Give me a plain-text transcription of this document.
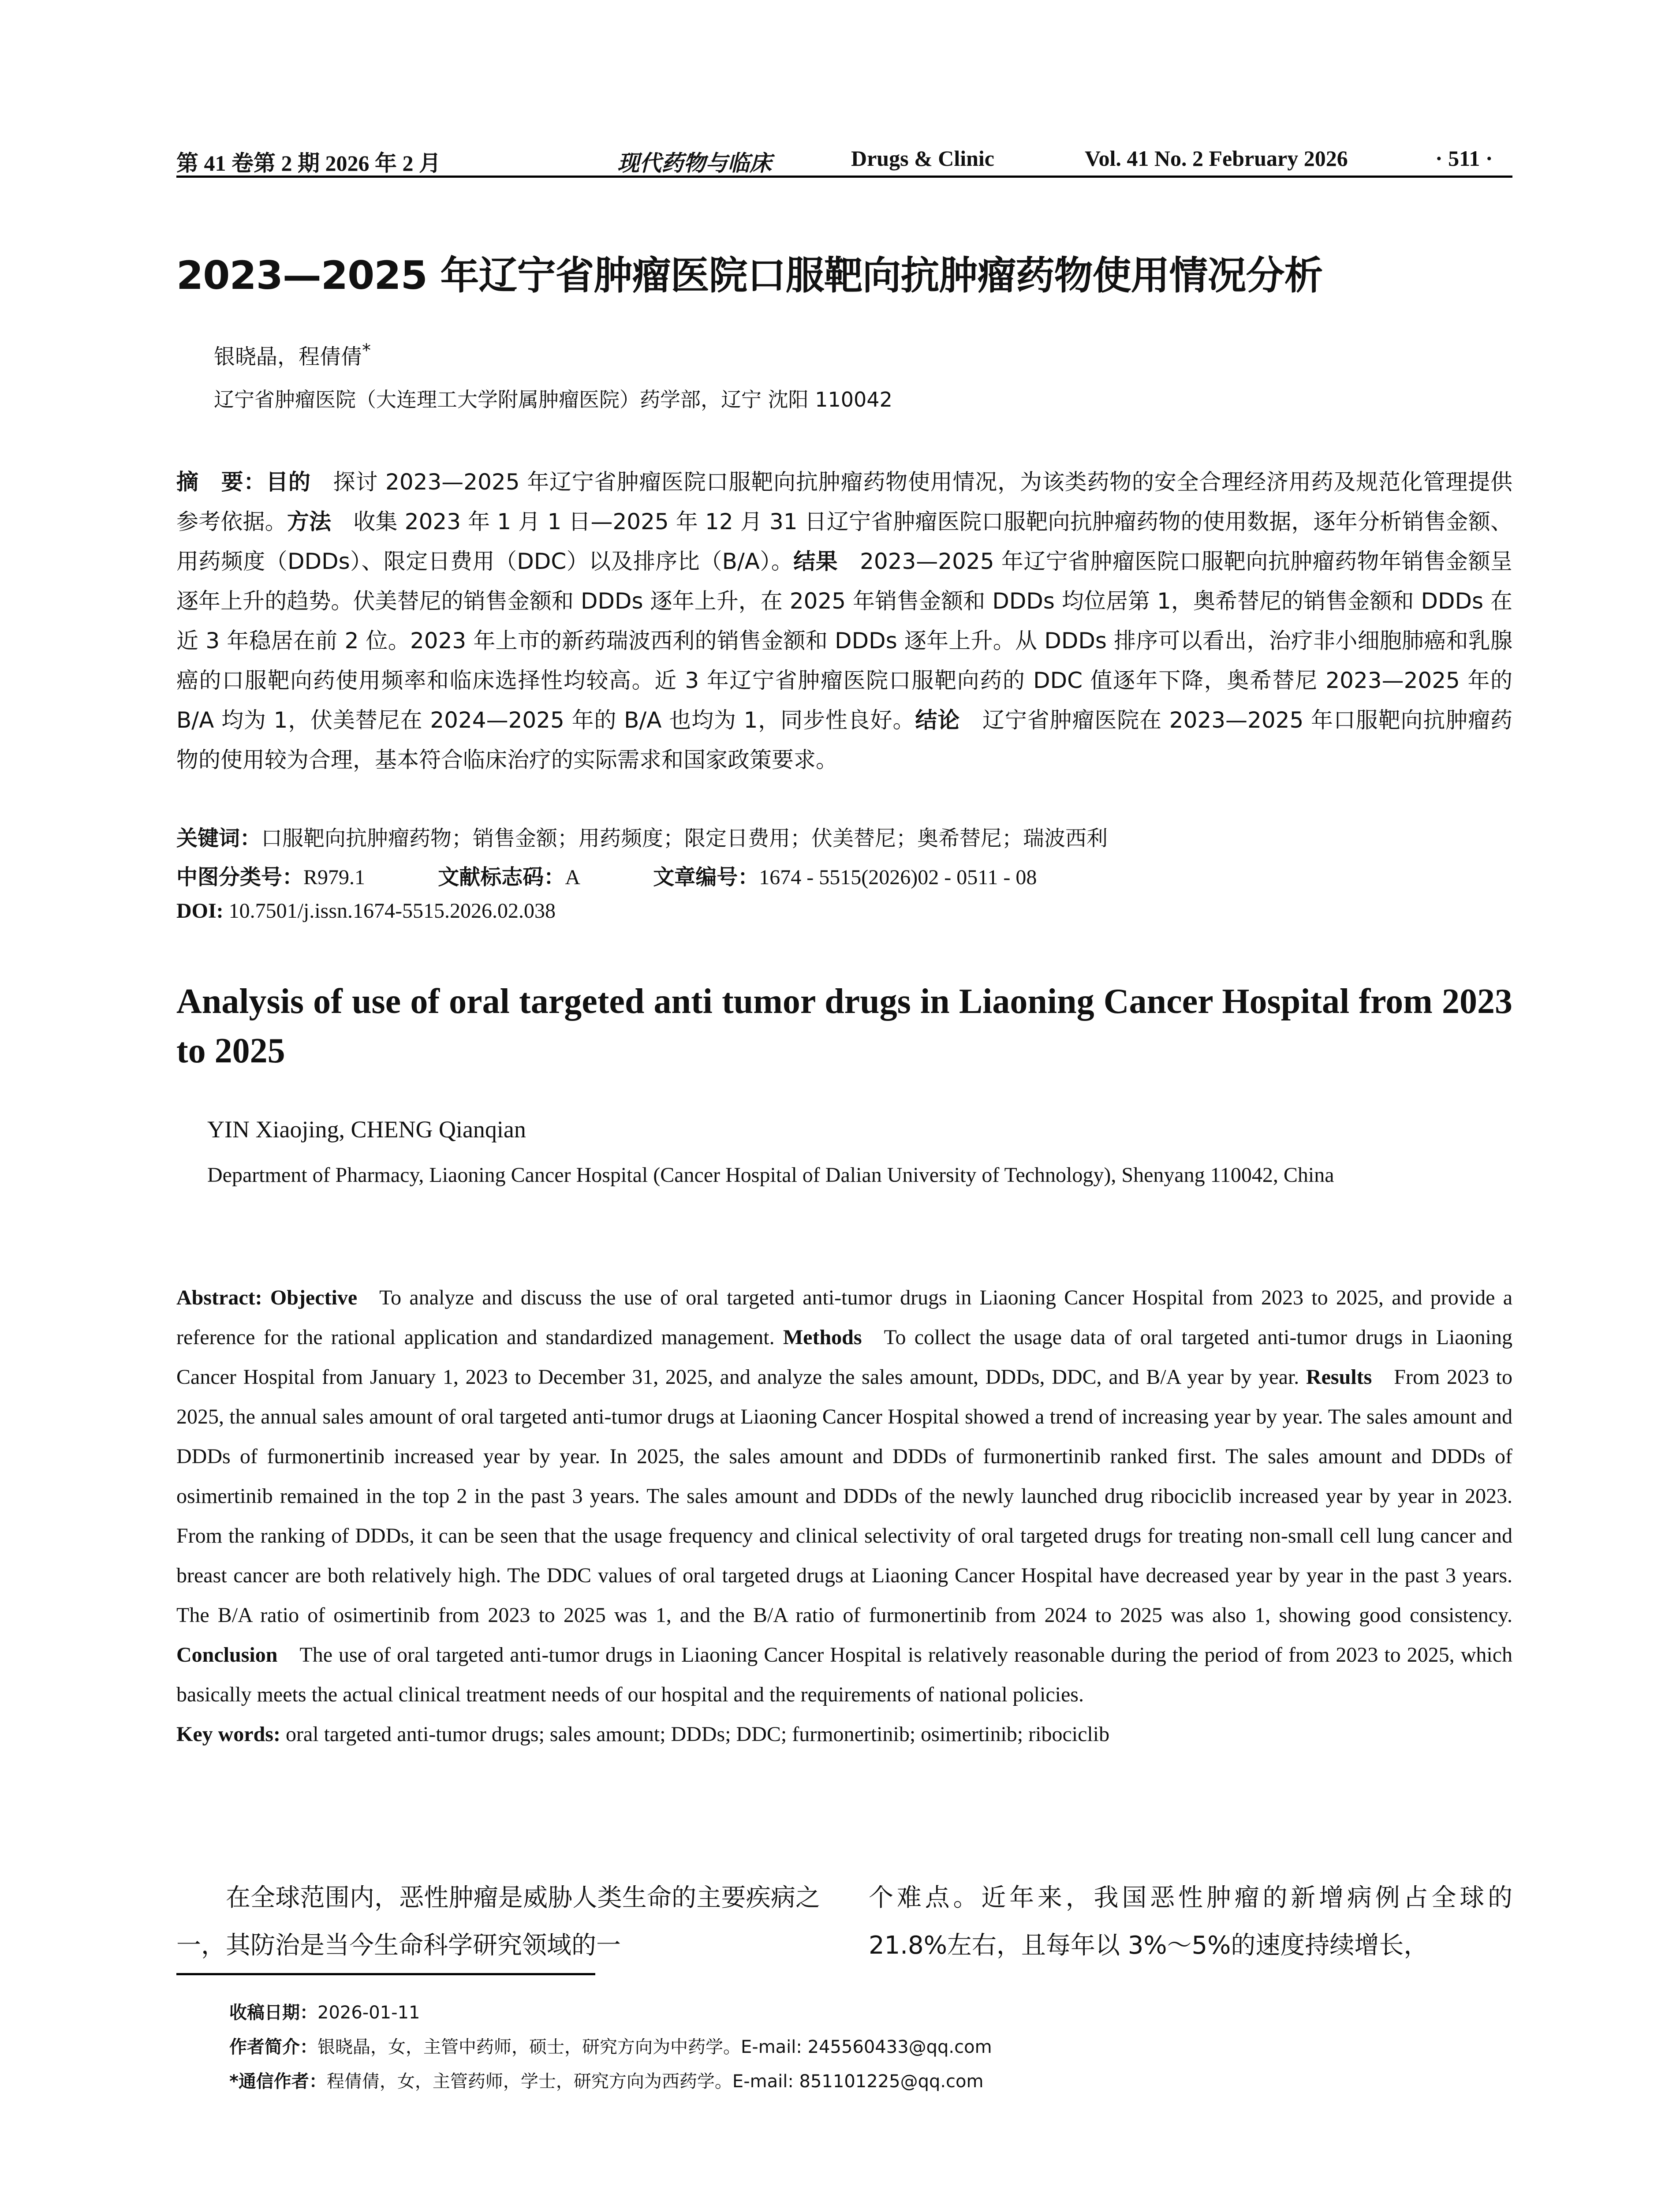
第 41 卷第 2 期 2026 年 2 月	现代药物与临床	Drugs & Clinic	Vol. 41 No. 2 February 2026	· 511 ·
2023—2025 年辽宁省肿瘤医院口服靶向抗肿瘤药物使用情况分析
银晓晶，程倩倩*
辽宁省肿瘤医院（大连理工大学附属肿瘤医院）药学部，辽宁 沈阳 110042
摘　要：目的 探讨 2023—2025 年辽宁省肿瘤医院口服靶向抗肿瘤药物使用情况，为该类药物的安全合理经济用药及规范化管理提供参考依据。方法 收集 2023 年 1 月 1 日—2025 年 12 月 31 日辽宁省肿瘤医院口服靶向抗肿瘤药物的使用数据，逐年分析销售金额、用药频度（DDDs）、限定日费用（DDC）以及排序比（B/A）。结果 2023—2025 年辽宁省肿瘤医院口服靶向抗肿瘤药物年销售金额呈逐年上升的趋势。伏美替尼的销售金额和 DDDs 逐年上升，在 2025 年销售金额和 DDDs 均位居第 1，奥希替尼的销售金额和 DDDs 在近 3 年稳居在前 2 位。2023 年上市的新药瑞波西利的销售金额和 DDDs 逐年上升。从 DDDs 排序可以看出，治疗非小细胞肺癌和乳腺癌的口服靶向药使用频率和临床选择性均较高。近 3 年辽宁省肿瘤医院口服靶向药的 DDC 值逐年下降，奥希替尼 2023—2025 年的 B/A 均为 1，伏美替尼在 2024—2025 年的 B/A 也均为 1，同步性良好。结论 辽宁省肿瘤医院在 2023—2025 年口服靶向抗肿瘤药物的使用较为合理，基本符合临床治疗的实际需求和国家政策要求。
关键词：口服靶向抗肿瘤药物；销售金额；用药频度；限定日费用；伏美替尼；奥希替尼；瑞波西利
中图分类号：R979.1	文献标志码：A	文章编号：1674 - 5515(2026)02 - 0511 - 08
DOI: 10.7501/j.issn.1674-5515.2026.02.038
Analysis of use of oral targeted anti tumor drugs in Liaoning Cancer Hospital from 2023 to 2025
YIN Xiaojing, CHENG Qianqian
Department of Pharmacy, Liaoning Cancer Hospital (Cancer Hospital of Dalian University of Technology), Shenyang 110042, China
Abstract: Objective To analyze and discuss the use of oral targeted anti-tumor drugs in Liaoning Cancer Hospital from 2023 to 2025, and provide a reference for the rational application and standardized management. Methods To collect the usage data of oral targeted anti-tumor drugs in Liaoning Cancer Hospital from January 1, 2023 to December 31, 2025, and analyze the sales amount, DDDs, DDC, and B/A year by year. Results From 2023 to 2025, the annual sales amount of oral targeted anti-tumor drugs at Liaoning Cancer Hospital showed a trend of increasing year by year. The sales amount and DDDs of furmonertinib increased year by year. In 2025, the sales amount and DDDs of furmonertinib ranked first. The sales amount and DDDs of osimertinib remained in the top 2 in the past 3 years. The sales amount and DDDs of the newly launched drug ribociclib increased year by year in 2023. From the ranking of DDDs, it can be seen that the usage frequency and clinical selectivity of oral targeted drugs for treating non-small cell lung cancer and breast cancer are both relatively high. The DDC values of oral targeted drugs at Liaoning Cancer Hospital have decreased year by year in the past 3 years. The B/A ratio of osimertinib from 2023 to 2025 was 1, and the B/A ratio of furmonertinib from 2024 to 2025 was also 1, showing good consistency. Conclusion The use of oral targeted anti-tumor drugs in Liaoning Cancer Hospital is relatively reasonable during the period of from 2023 to 2025, which basically meets the actual clinical treatment needs of our hospital and the requirements of national policies.
Key words: oral targeted anti-tumor drugs; sales amount; DDDs; DDC; furmonertinib; osimertinib; ribociclib
在全球范围内，恶性肿瘤是威胁人类生命的主要疾病之一，其防治是当今生命科学研究领域的一
个难点。近年来，我国恶性肿瘤的新增病例占全球的 21.8%左右，且每年以 3%～5%的速度持续增长，
收稿日期：2026-01-11
作者简介：银晓晶，女，主管中药师，硕士，研究方向为中药学。E-mail: 245560433@qq.com
*通信作者：程倩倩，女，主管药师，学士，研究方向为西药学。E-mail: 851101225@qq.com
